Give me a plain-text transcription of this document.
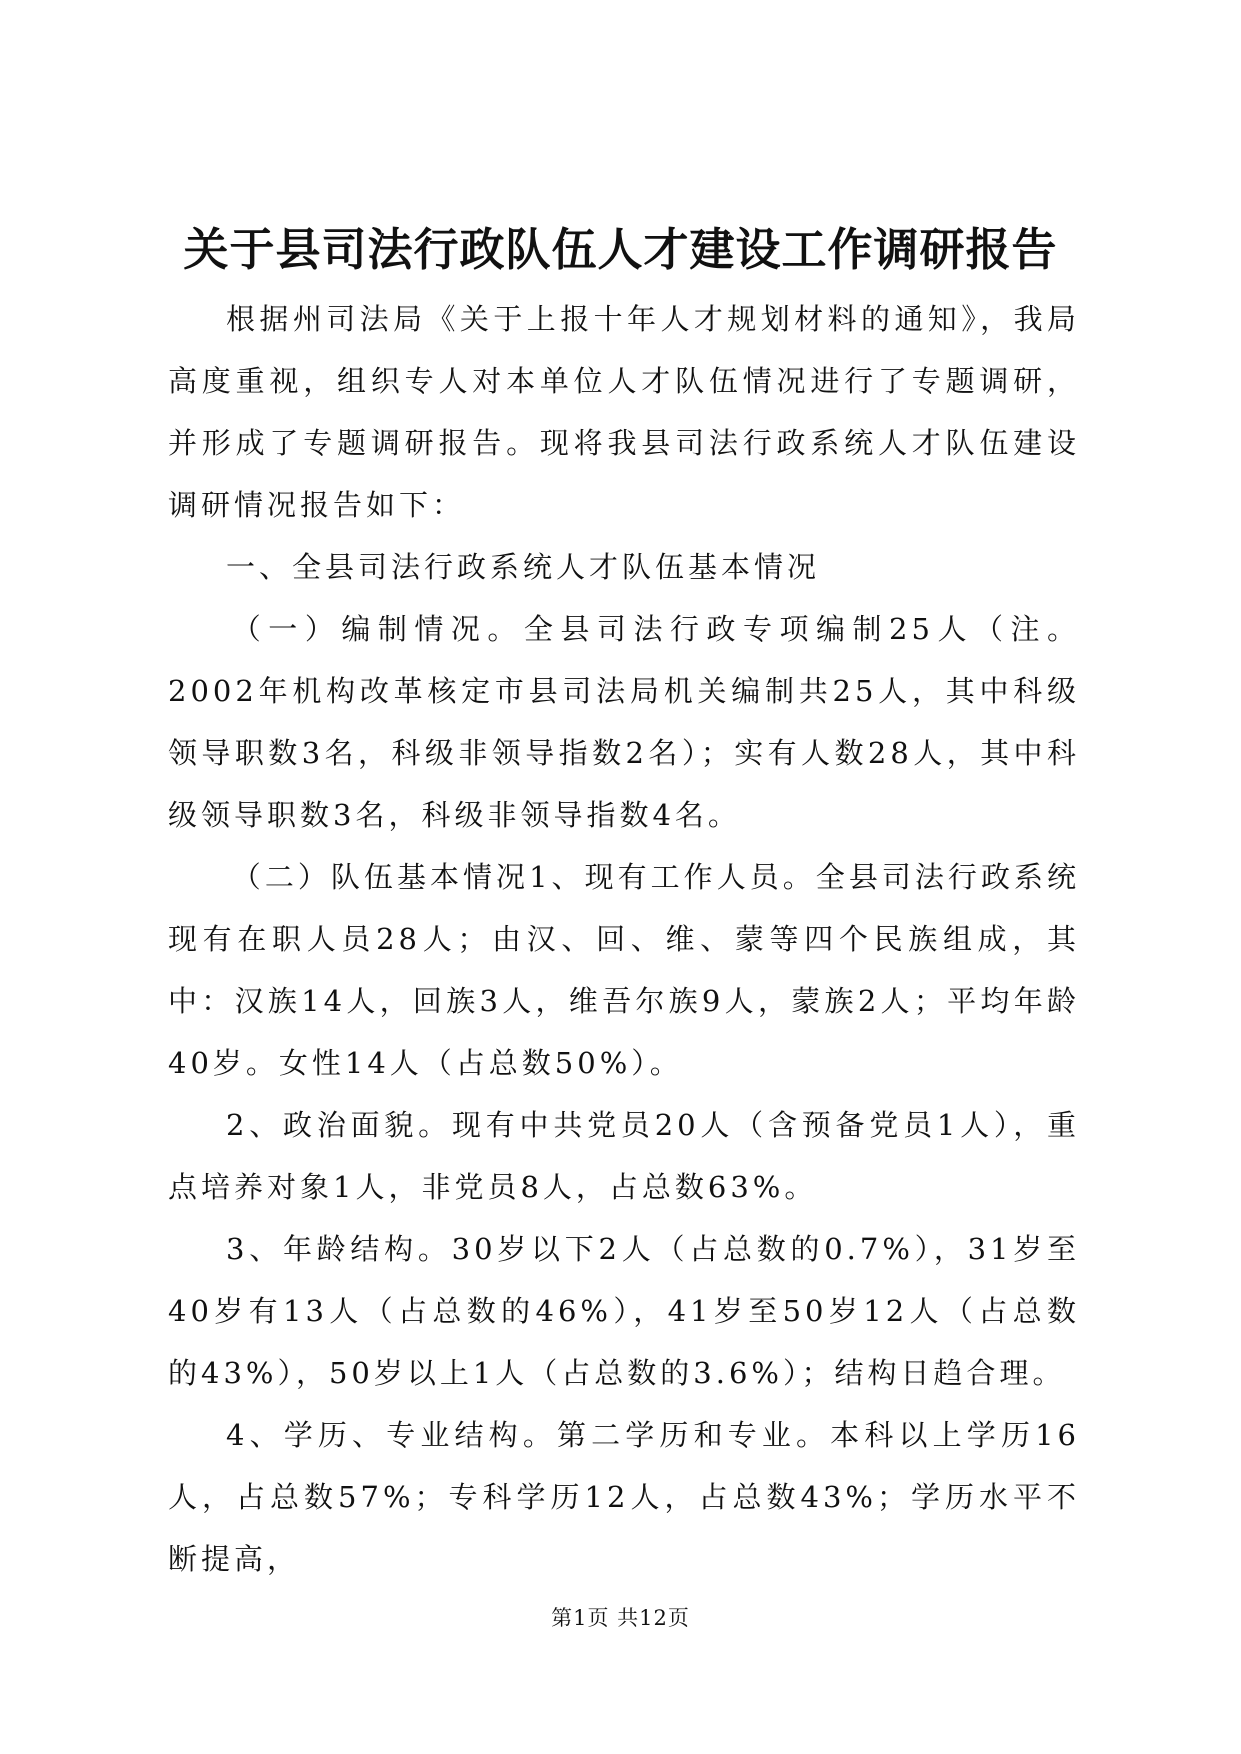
关于县司法行政队伍人才建设工作调研报告

根据州司法局《关于上报十年人才规划材料的通知》，我局高度重视，组织专人对本单位人才队伍情况进行了专题调研，并形成了专题调研报告。现将我县司法行政系统人才队伍建设调研情况报告如下：

一、全县司法行政系统人才队伍基本情况

（一）编制情况。全县司法行政专项编制25人（注。2002年机构改革核定市县司法局机关编制共25人，其中科级领导职数3名，科级非领导指数2名）；实有人数28人，其中科级领导职数3名，科级非领导指数4名。

（二）队伍基本情况1、现有工作人员。全县司法行政系统现有在职人员28人；由汉、回、维、蒙等四个民族组成，其中：汉族14人，回族3人，维吾尔族9人，蒙族2人；平均年龄40岁。女性14人（占总数50%）。

2、政治面貌。现有中共党员20人（含预备党员1人），重点培养对象1人，非党员8人，占总数63%。

3、年龄结构。30岁以下2人（占总数的0.7%），31岁至40岁有13人（占总数的46%），41岁至50岁12人（占总数的43%），50岁以上1人（占总数的3.6%）；结构日趋合理。

4、学历、专业结构。第二学历和专业。本科以上学历16人，占总数57%；专科学历12人，占总数43%；学历水平不断提高，

第1页 共12页
